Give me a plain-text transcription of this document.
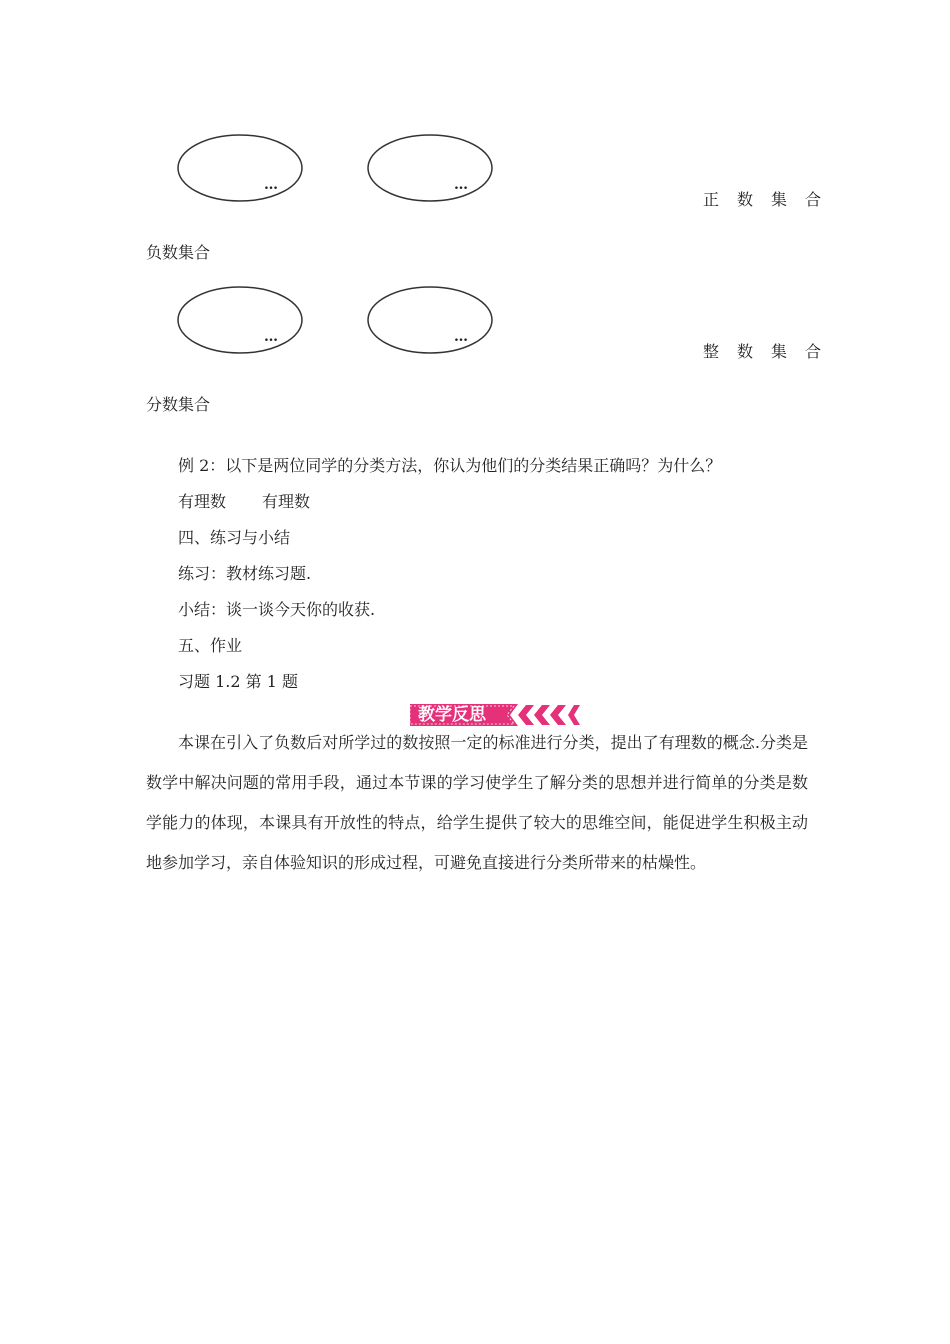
…	…
正数集合
负数集合
…	…
整数集合
分数集合
例 2：以下是两位同学的分类方法，你认为他们的分类结果正确吗？为什么？
有理数 有理数
四、练习与小结
练习：教材练习题.
小结：谈一谈今天你的收获.
五、作业
习题 1.2 第 1 题
教学反思
本课在引入了负数后对所学过的数按照一定的标准进行分类，提出了有理数的概念.分类是数学中解决问题的常用手段，通过本节课的学习使学生了解分类的思想并进行简单的分类是数学能力的体现，本课具有开放性的特点，给学生提供了较大的思维空间，能促进学生积极主动地参加学习，亲自体验知识的形成过程，可避免直接进行分类所带来的枯燥性。
